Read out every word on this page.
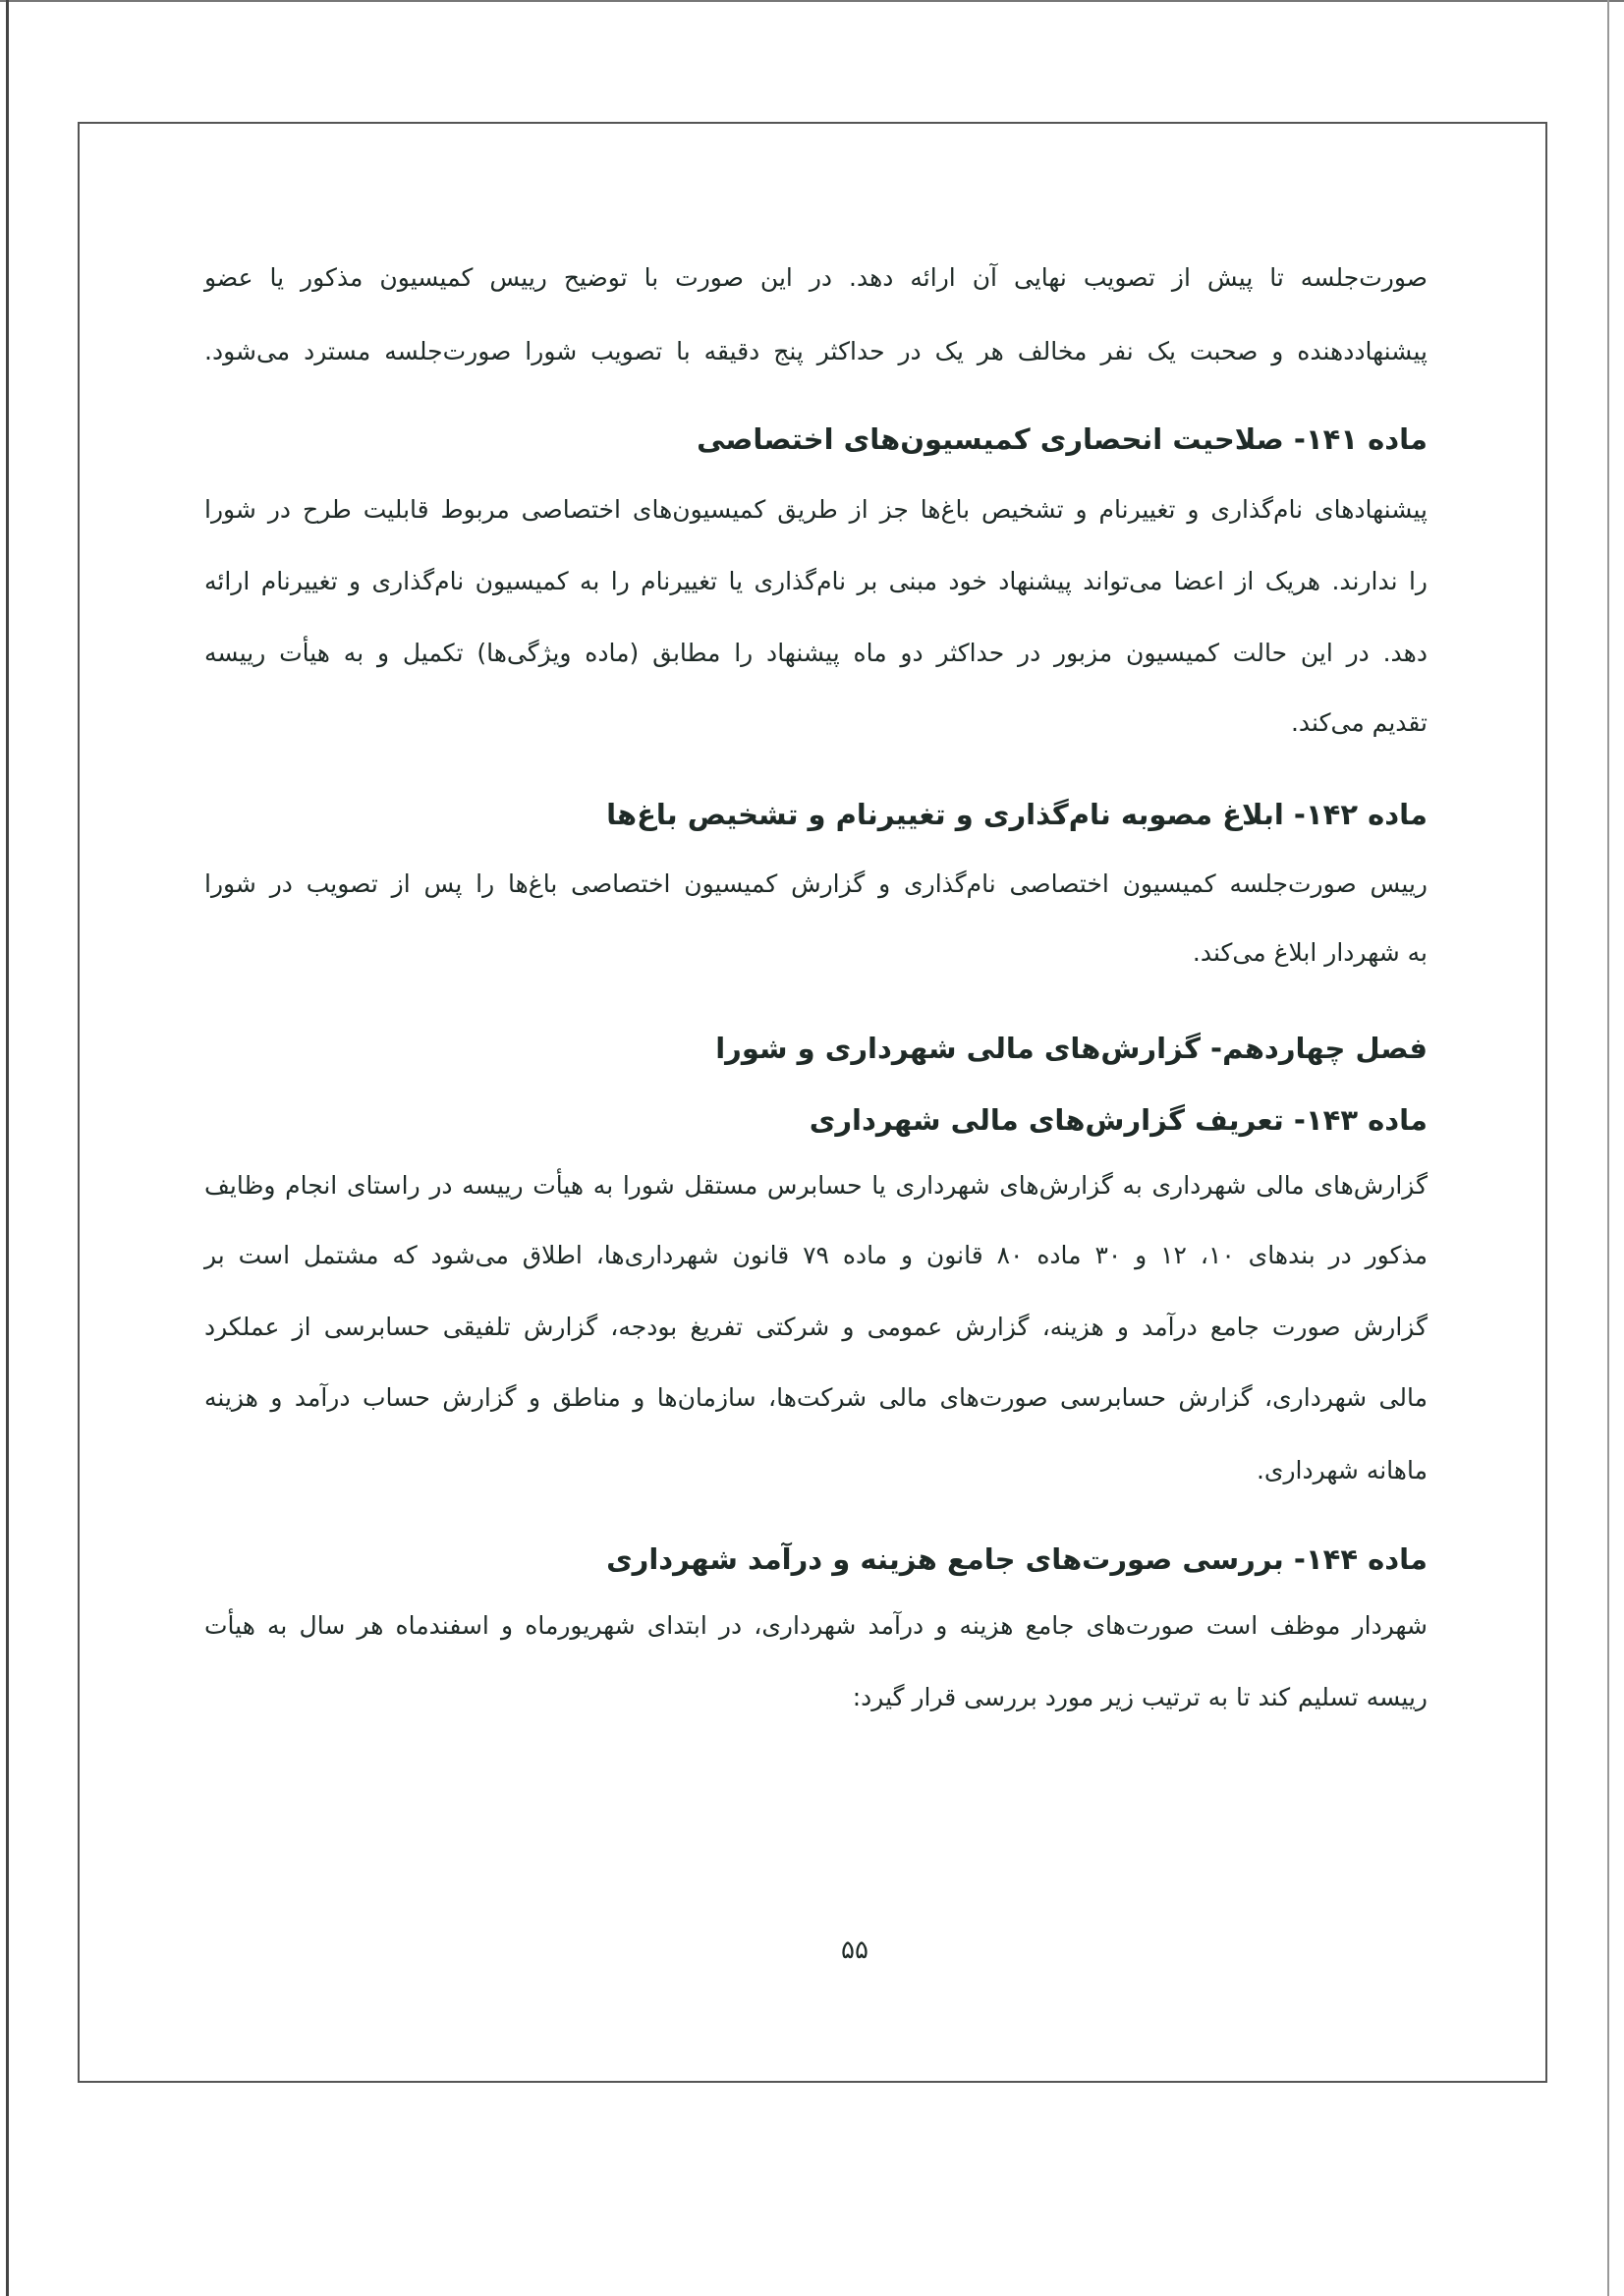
صورت‌جلسه تا پیش از تصویب نهایی آن ارائه دهد. در این صورت با توضیح رییس کمیسیون مذکور یا عضو
پیشنهاددهنده و صحبت یک نفر مخالف هر یک در حداکثر پنج دقیقه با تصویب شورا صورت‌جلسه مسترد می‌شود.
ماده ۱۴۱- صلاحیت انحصاری کمیسیون‌های اختصاصی
پیشنهادهای نام‌گذاری و تغییرنام و تشخیص باغ‌ها جز از طریق کمیسیون‌های اختصاصی مربوط قابلیت طرح در شورا
را ندارند. هریک از اعضا می‌تواند پیشنهاد خود مبنی بر نام‌گذاری یا تغییرنام را به کمیسیون نام‌گذاری و تغییرنام ارائه
دهد. در این حالت کمیسیون مزبور در حداکثر دو ماه پیشنهاد را مطابق (ماده ویژگی‌ها) تکمیل و به هیأت رییسه
تقدیم می‌کند.
ماده ۱۴۲- ابلاغ مصوبه نام‌گذاری و تغییرنام و تشخیص باغ‌ها
رییس صورت‌جلسه کمیسیون اختصاصی نام‌گذاری و گزارش کمیسیون اختصاصی باغ‌ها را پس از تصویب در شورا
به شهردار ابلاغ می‌کند.
فصل چهاردهم- گزارش‌های مالی شهرداری و شورا
ماده ۱۴۳- تعریف گزارش‌های مالی شهرداری
گزارش‌های مالی شهرداری به گزارش‌های شهرداری یا حسابرس مستقل شورا به هیأت رییسه در راستای انجام وظایف
مذکور در بندهای ۱۰، ۱۲ و ۳۰ ماده ۸۰ قانون و ماده ۷۹ قانون شهرداری‌ها، اطلاق می‌شود که مشتمل است بر
گزارش صورت جامع درآمد و هزینه، گزارش عمومی و شرکتی تفریغ بودجه، گزارش تلفیقی حسابرسی از عملکرد
مالی شهرداری، گزارش حسابرسی صورت‌های مالی شرکت‌ها، سازمان‌ها و مناطق و گزارش حساب درآمد و هزینه
ماهانه شهرداری.
ماده ۱۴۴- بررسی صورت‌های جامع هزینه و درآمد شهرداری
شهردار موظف است صورت‌های جامع هزینه و درآمد شهرداری، در ابتدای شهریورماه و اسفندماه هر سال به هیأت
رییسه تسلیم کند تا به ترتیب زیر مورد بررسی قرار گیرد:
۵۵
